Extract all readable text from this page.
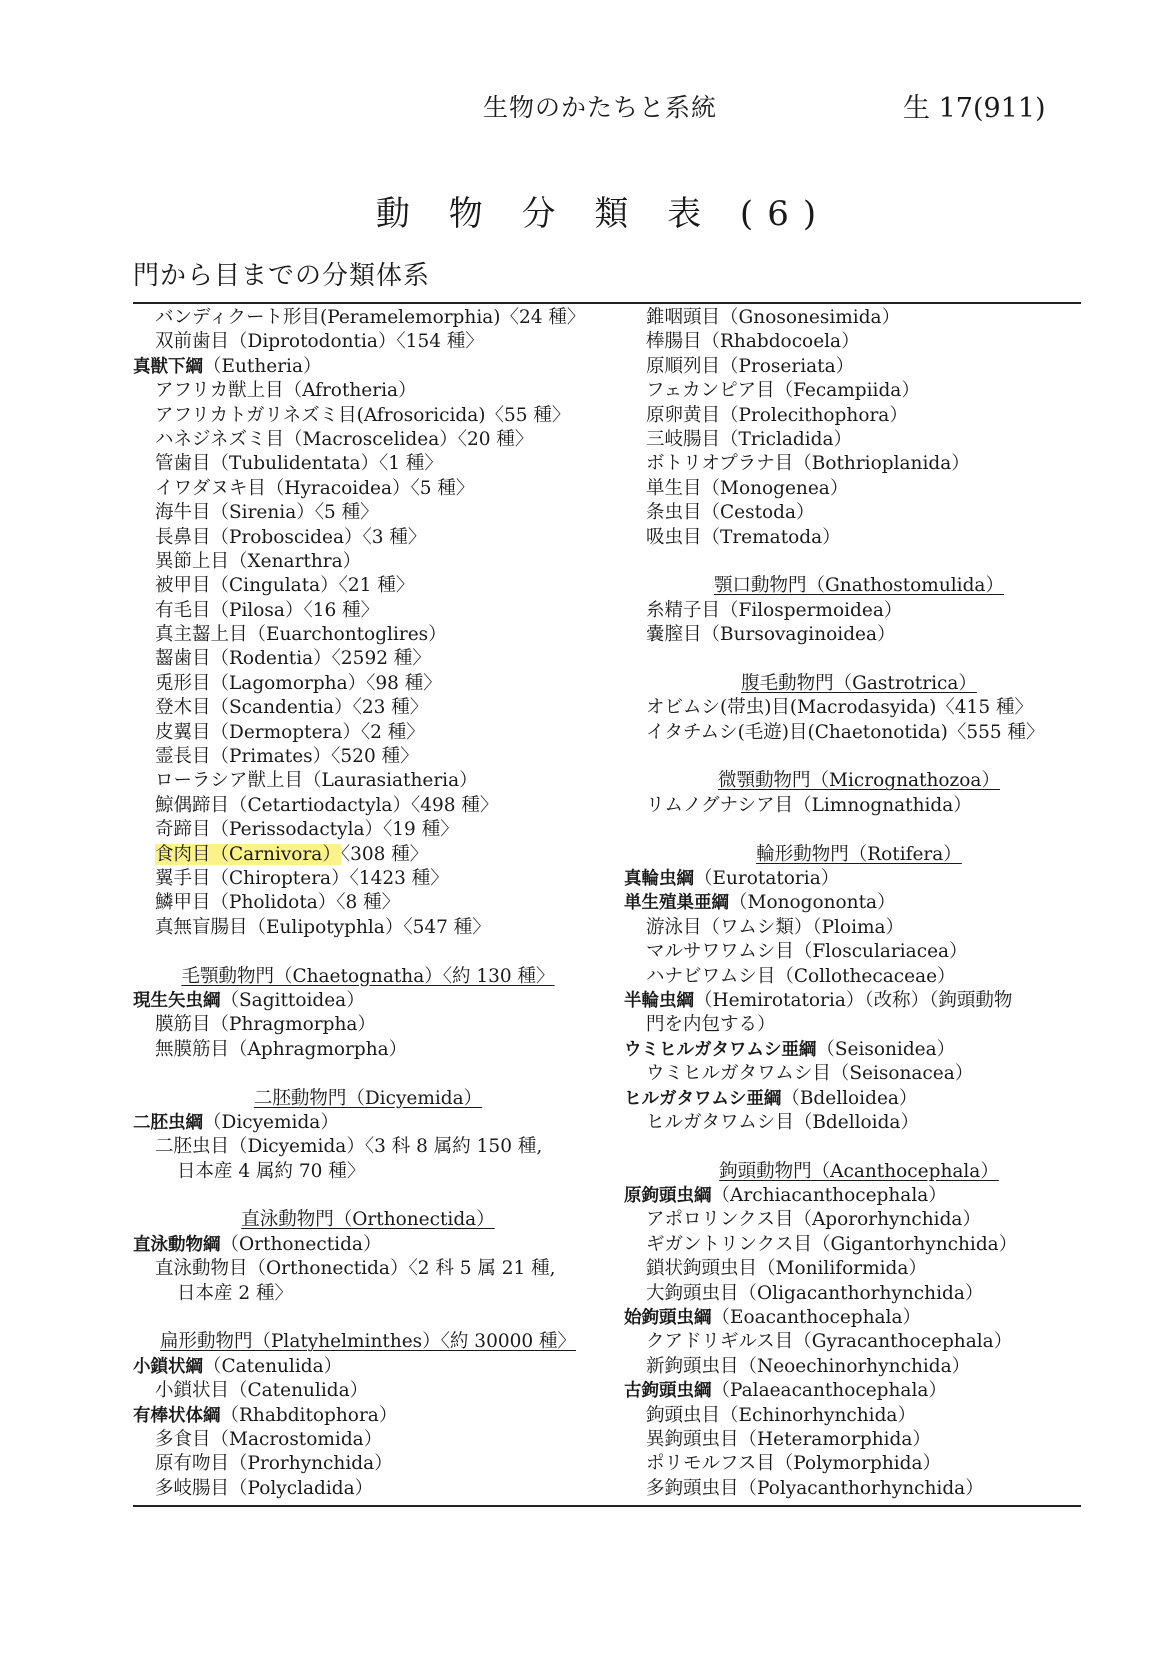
生物のかたちと系統	生 17(911)
動 物 分 類 表 (6)
門から目までの分類体系
バンディクート形目(Peramelemorphia)〈24 種〉
双前歯目（Diprotodontia）〈154 種〉
真獣下綱（Eutheria）
アフリカ獣上目（Afrotheria）
アフリカトガリネズミ目(Afrosoricida)〈55 種〉
ハネジネズミ目（Macroscelidea）〈20 種〉
管歯目（Tubulidentata）〈1 種〉
イワダヌキ目（Hyracoidea）〈5 種〉
海牛目（Sirenia）〈5 種〉
長鼻目（Proboscidea）〈3 種〉
異節上目（Xenarthra）
被甲目（Cingulata）〈21 種〉
有毛目（Pilosa）〈16 種〉
真主齧上目（Euarchontoglires）
齧歯目（Rodentia）〈2592 種〉
兎形目（Lagomorpha）〈98 種〉
登木目（Scandentia）〈23 種〉
皮翼目（Dermoptera）〈2 種〉
霊長目（Primates）〈520 種〉
ローラシア獣上目（Laurasiatheria）
鯨偶蹄目（Cetartiodactyla）〈498 種〉
奇蹄目（Perissodactyla）〈19 種〉
食肉目（Carnivora）〈308 種〉
翼手目（Chiroptera）〈1423 種〉
鱗甲目（Pholidota）〈8 種〉
真無盲腸目（Eulipotyphla）〈547 種〉
毛顎動物門（Chaetognatha）〈約 130 種〉
現生矢虫綱（Sagittoidea）
膜筋目（Phragmorpha）
無膜筋目（Aphragmorpha）
二胚動物門（Dicyemida）
二胚虫綱（Dicyemida）
二胚虫目（Dicyemida）〈3 科 8 属約 150 種,
日本産 4 属約 70 種〉
直泳動物門（Orthonectida）
直泳動物綱（Orthonectida）
直泳動物目（Orthonectida）〈2 科 5 属 21 種,
日本産 2 種〉
扁形動物門（Platyhelminthes）〈約 30000 種〉
小鎖状綱（Catenulida）
小鎖状目（Catenulida）
有棒状体綱（Rhabditophora）
多食目（Macrostomida）
原有吻目（Prorhynchida）
多岐腸目（Polycladida）
錐咽頭目（Gnosonesimida）
棒腸目（Rhabdocoela）
原順列目（Proseriata）
フェカンピア目（Fecampiida）
原卵黄目（Prolecithophora）
三岐腸目（Tricladida）
ボトリオプラナ目（Bothrioplanida）
単生目（Monogenea）
条虫目（Cestoda）
吸虫目（Trematoda）
顎口動物門（Gnathostomulida）
糸精子目（Filospermoidea）
嚢膣目（Bursovaginoidea）
腹毛動物門（Gastrotrica）
オビムシ(帯虫)目(Macrodasyida)〈415 種〉
イタチムシ(毛遊)目(Chaetonotida)〈555 種〉
微顎動物門（Micrognathozoa）
リムノグナシア目（Limnognathida）
輪形動物門（Rotifera）
真輪虫綱（Eurotatoria）
単生殖巣亜綱（Monogononta）
游泳目（ワムシ類）（Ploima）
マルサワワムシ目（Flosculariacea）
ハナビワムシ目（Collothecaceae）
半輪虫綱（Hemirotatoria）（改称）（鉤頭動物
門を内包する）
ウミヒルガタワムシ亜綱（Seisonidea）
ウミヒルガタワムシ目（Seisonacea）
ヒルガタワムシ亜綱（Bdelloidea）
ヒルガタワムシ目（Bdelloida）
鉤頭動物門（Acanthocephala）
原鉤頭虫綱（Archiacanthocephala）
アポロリンクス目（Apororhynchida）
ギガントリンクス目（Gigantorhynchida）
鎖状鉤頭虫目（Moniliformida）
大鉤頭虫目（Oligacanthorhynchida）
始鉤頭虫綱（Eoacanthocephala）
クアドリギルス目（Gyracanthocephala）
新鉤頭虫目（Neoechinorhynchida）
古鉤頭虫綱（Palaeacanthocephala）
鉤頭虫目（Echinorhynchida）
異鉤頭虫目（Heteramorphida）
ポリモルフス目（Polymorphida）
多鉤頭虫目（Polyacanthorhynchida）
